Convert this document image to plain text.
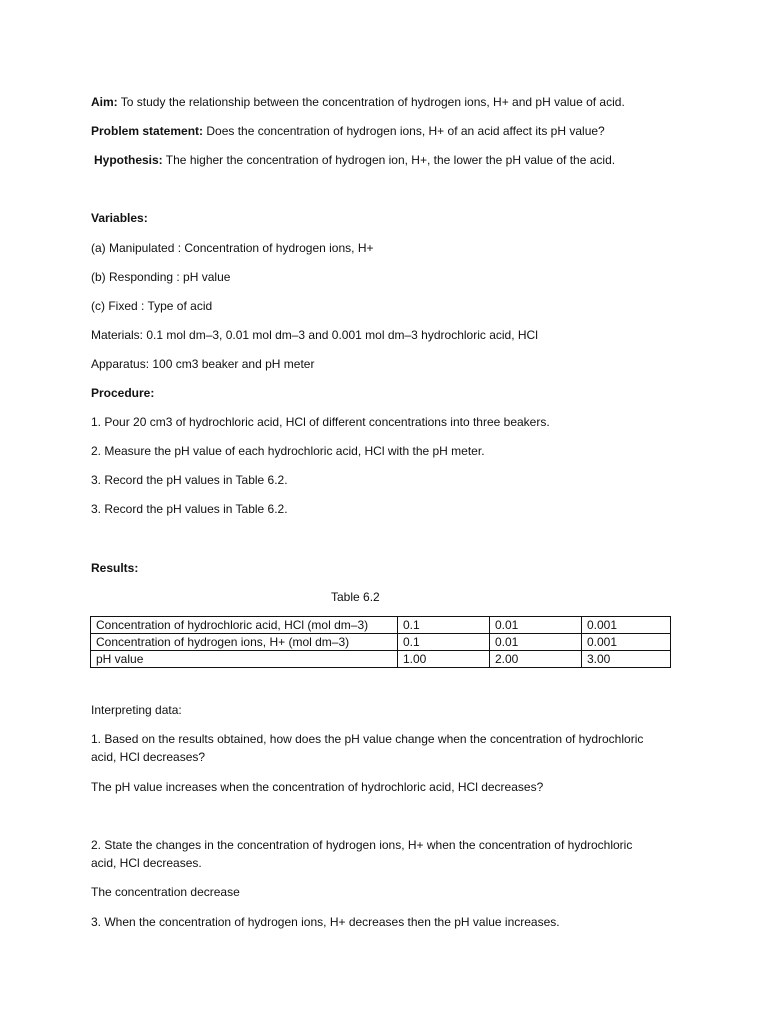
Aim: To study the relationship between the concentration of hydrogen ions, H+ and pH value of acid.
Problem statement: Does the concentration of hydrogen ions, H+ of an acid affect its pH value?
Hypothesis: The higher the concentration of hydrogen ion, H+, the lower the pH value of the acid.
Variables:
(a) Manipulated : Concentration of hydrogen ions, H+
(b) Responding : pH value
(c) Fixed : Type of acid
Materials: 0.1 mol dm–3, 0.01 mol dm–3 and 0.001 mol dm–3 hydrochloric acid, HCl
Apparatus: 100 cm3 beaker and pH meter
Procedure:
1. Pour 20 cm3 of hydrochloric acid, HCl of different concentrations into three beakers.
2. Measure the pH value of each hydrochloric acid, HCl with the pH meter.
3. Record the pH values in Table 6.2.
3. Record the pH values in Table 6.2.
Results:
Table 6.2
Concentration of hydrochloric acid, HCl (mol dm–3)	0.1	0.01	0.001
Concentration of hydrogen ions, H+ (mol dm–3)	0.1	0.01	0.001
pH value	1.00	2.00	3.00
Interpreting data:
1. Based on the results obtained, how does the pH value change when the concentration of hydrochloric
acid, HCl decreases?
The pH value increases when the concentration of hydrochloric acid, HCl decreases?
2. State the changes in the concentration of hydrogen ions, H+ when the concentration of hydrochloric
acid, HCl decreases.
The concentration decrease
3. When the concentration of hydrogen ions, H+ decreases then the pH value increases.
